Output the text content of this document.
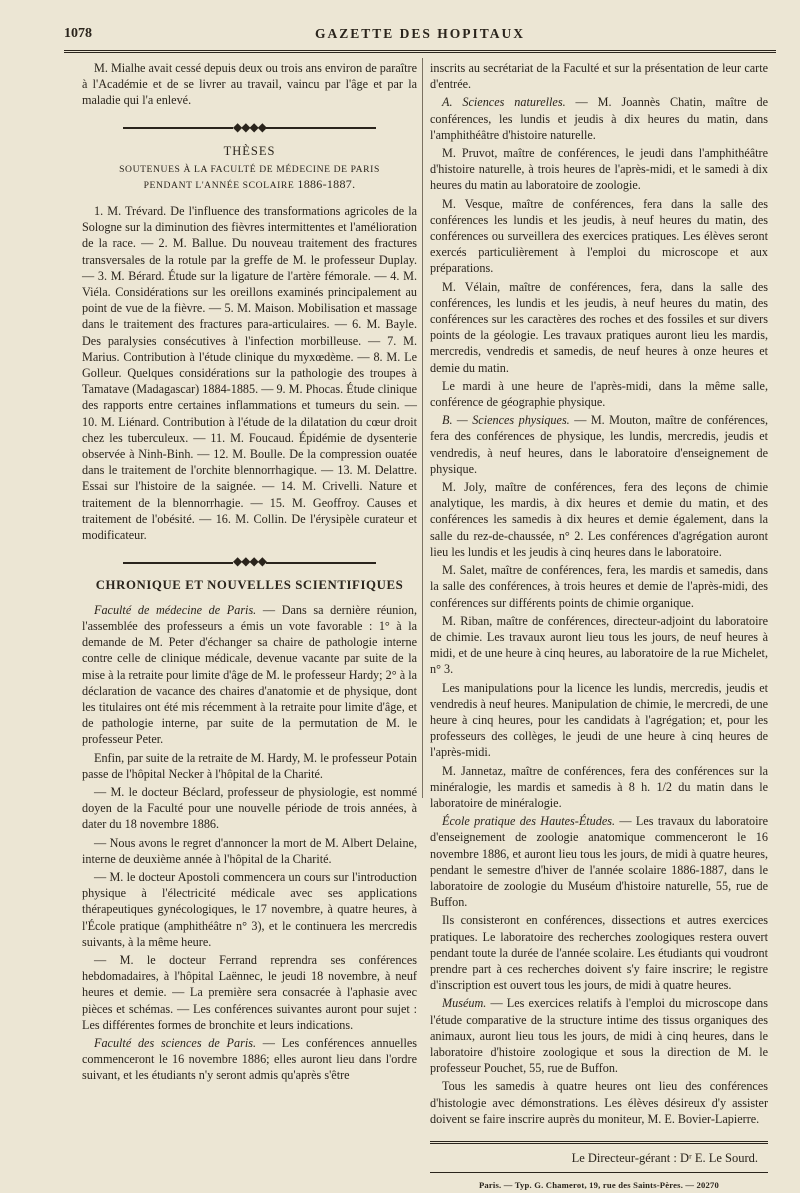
1078	GAZETTE DES HOPITAUX

M. Mialhe avait cessé depuis deux ou trois ans environ de paraître à l'Académie et de se livrer au travail, vaincu par l'âge et par la maladie qui l'a enlevé.

◆◆◆◆
THÈSES
SOUTENUES À LA FACULTÉ DE MÉDECINE DE PARIS
PENDANT L'ANNÉE SCOLAIRE 1886-1887.

1. M. Trévard. De l'influence des transformations agricoles de la Sologne sur la diminution des fièvres intermittentes et l'amélioration de la race. — 2. M. Ballue. Du nouveau traitement des fractures transversales de la rotule par la greffe de M. le professeur Duplay. — 3. M. Bérard. Étude sur la ligature de l'artère fémorale. — 4. M. Viéla. Considérations sur les oreillons examinés principalement au point de vue de la fièvre. — 5. M. Maison. Mobilisation et massage dans le traitement des fractures para-articulaires. — 6. M. Bayle. Des paralysies consécutives à l'infection morbilleuse. — 7. M. Marius. Contribution à l'étude clinique du myxœdème. — 8. M. Le Golleur. Quelques considérations sur la pathologie des troupes à Tamatave (Madagascar) 1884-1885. — 9. M. Phocas. Étude clinique des rapports entre certaines inflammations et tumeurs du sein. — 10. M. Liénard. Contribution à l'étude de la dilatation du cœur droit chez les tuberculeux. — 11. M. Foucaud. Épidémie de dysenterie observée à Ninh-Binh. — 12. M. Boulle. De la compression ouatée dans le traitement de l'orchite blennorrhagique. — 13. M. Delattre. Essai sur l'histoire de la saignée. — 14. M. Crivelli. Nature et traitement de la blennorrhagie. — 15. M. Geoffroy. Causes et traitement de l'obésité. — 16. M. Collin. De l'érysipèle curateur et modificateur.

◆◆◆◆
CHRONIQUE ET NOUVELLES SCIENTIFIQUES

Faculté de médecine de Paris. — Dans sa dernière réunion, l'assemblée des professeurs a émis un vote favorable : 1° à la demande de M. Peter d'échanger sa chaire de pathologie interne contre celle de clinique médicale, devenue vacante par suite de la mise à la retraite pour limite d'âge de M. le professeur Hardy; 2° à la déclaration de vacance des chaires d'anatomie et de physique, dont les titulaires ont été mis récemment à la retraite pour limite d'âge, et de pathologie interne, par suite de la permutation de M. le professeur Peter.

Enfin, par suite de la retraite de M. Hardy, M. le professeur Potain passe de l'hôpital Necker à l'hôpital de la Charité.

— M. le docteur Béclard, professeur de physiologie, est nommé doyen de la Faculté pour une nouvelle période de trois années, à dater du 18 novembre 1886.

— Nous avons le regret d'annoncer la mort de M. Albert Delaine, interne de deuxième année à l'hôpital de la Charité.

— M. le docteur Apostoli commencera un cours sur l'introduction physique à l'électricité médicale avec ses applications thérapeutiques gynécologiques, le 17 novembre, à quatre heures, à l'École pratique (amphithéâtre n° 3), et le continuera les mercredis suivants, à la même heure.

— M. le docteur Ferrand reprendra ses conférences hebdomadaires, à l'hôpital Laënnec, le jeudi 18 novembre, à neuf heures et demie. — La première sera consacrée à l'aphasie avec pièces et schémas. — Les conférences suivantes auront pour sujet : Les différentes formes de bronchite et leurs indications.

Faculté des sciences de Paris. — Les conférences annuelles commenceront le 16 novembre 1886; elles auront lieu dans l'ordre suivant, et les étudiants n'y seront admis qu'après s'être

inscrits au secrétariat de la Faculté et sur la présentation de leur carte d'entrée.

A. Sciences naturelles. — M. Joannès Chatin, maître de conférences, les lundis et jeudis à dix heures du matin, dans l'amphithéâtre d'histoire naturelle.

M. Pruvot, maître de conférences, le jeudi dans l'amphithéâtre d'histoire naturelle, à trois heures de l'après-midi, et le samedi à dix heures du matin au laboratoire de zoologie.

M. Vesque, maître de conférences, fera dans la salle des conférences les lundis et les jeudis, à neuf heures du matin, des conférences ou surveillera des exercices pratiques. Les élèves seront exercés particulièrement à l'emploi du microscope et aux préparations.

M. Vélain, maître de conférences, fera, dans la salle des conférences, les lundis et les jeudis, à neuf heures du matin, des conférences sur les caractères des roches et des fossiles et sur divers points de la géologie. Les travaux pratiques auront lieu les mardis, mercredis, vendredis et samedis, de neuf heures à onze heures et demie du matin.

Le mardi à une heure de l'après-midi, dans la même salle, conférence de géographie physique.

B. — Sciences physiques. — M. Mouton, maître de conférences, fera des conférences de physique, les lundis, mercredis, jeudis et vendredis, à neuf heures, dans le laboratoire d'enseignement de physique.

M. Joly, maître de conférences, fera des leçons de chimie analytique, les mardis, à dix heures et demie du matin, et des conférences les samedis à dix heures et demie également, dans la salle du rez-de-chaussée, n° 2. Les conférences d'agrégation auront lieu les lundis et les jeudis à cinq heures dans le laboratoire.

M. Salet, maître de conférences, fera, les mardis et samedis, dans la salle des conférences, à trois heures et demie de l'après-midi, des conférences sur différents points de chimie organique.

M. Riban, maître de conférences, directeur-adjoint du laboratoire de chimie. Les travaux auront lieu tous les jours, de neuf heures à midi, et de une heure à cinq heures, au laboratoire de la rue Michelet, n° 3.

Les manipulations pour la licence les lundis, mercredis, jeudis et vendredis à neuf heures. Manipulation de chimie, le mercredi, de une heure à cinq heures, pour les candidats à l'agrégation; et, pour les professeurs des collèges, le jeudi de une heure à cinq heures de l'après-midi.

M. Jannetaz, maître de conférences, fera des conférences sur la minéralogie, les mardis et samedis à 8 h. 1/2 du matin dans le laboratoire de minéralogie.

École pratique des Hautes-Études. — Les travaux du laboratoire d'enseignement de zoologie anatomique commenceront le 16 novembre 1886, et auront lieu tous les jours, de midi à quatre heures, pendant le semestre d'hiver de l'année scolaire 1886-1887, dans le laboratoire de zoologie du Muséum d'histoire naturelle, 55, rue de Buffon.

Ils consisteront en conférences, dissections et autres exercices pratiques. Le laboratoire des recherches zoologiques restera ouvert pendant toute la durée de l'année scolaire. Les étudiants qui voudront prendre part à ces recherches doivent s'y faire inscrire; le registre d'inscription est ouvert tous les jours, de midi à quatre heures.

Muséum. — Les exercices relatifs à l'emploi du microscope dans l'étude comparative de la structure intime des tissus organiques des animaux, auront lieu tous les jours, de midi à cinq heures, dans le laboratoire d'histoire zoologique et sous la direction de M. le professeur Pouchet, 55, rue de Buffon.

Tous les samedis à quatre heures ont lieu des conférences d'histologie avec démonstrations. Les élèves désireux d'y assister doivent se faire inscrire auprès du moniteur, M. E. Bovier-Lapierre.

Le Directeur-gérant : Dʳ E. Le Sourd.
Paris. — Typ. G. Chamerot, 19, rue des Saints-Pères. — 20270
